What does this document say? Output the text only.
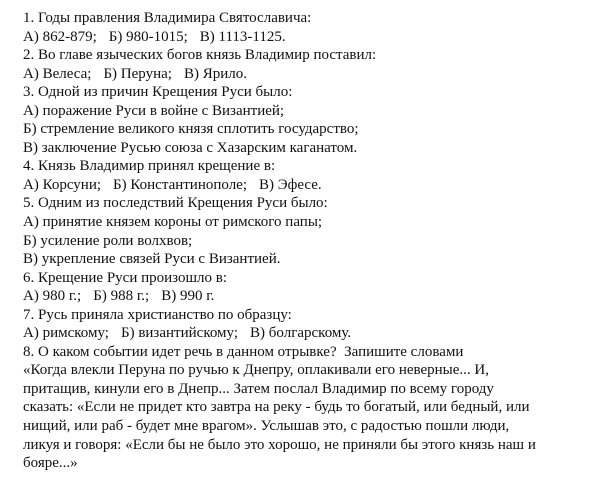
1. Годы правления Владимира Святославича:
А) 862-879; Б) 980-1015; В) 1113-1125.
2. Во главе языческих богов князь Владимир поставил:
А) Велеса; Б) Перуна; В) Ярило.
3. Одной из причин Крещения Руси было:
А) поражение Руси в войне с Византией;
Б) стремление великого князя сплотить государство;
В) заключение Русью союза с Хазарским каганатом.
4. Князь Владимир принял крещение в:
А) Корсуни; Б) Константинополе; В) Эфесе.
5. Одним из последствий Крещения Руси было:
А) принятие князем короны от римского папы;
Б) усиление роли волхвов;
В) укрепление связей Руси с Византией.
6. Крещение Руси произошло в:
А) 980 г.; Б) 988 г.; В) 990 г.
7. Русь приняла христианство по образцу:
А) римскому; Б) византийскому; В) болгарскому.
8. О каком событии идет речь в данном отрывке?  Запишите словами
«Когда влекли Перуна по ручью к Днепру, оплакивали его неверные... И,
притащив, кинули его в Днепр... Затем послал Владимир по всему городу
сказать: «Если не придет кто завтра на реку - будь то богатый, или бедный, или
нищий, или раб - будет мне врагом». Услышав это, с радостью пошли люди,
ликуя и говоря: «Если бы не было это хорошо, не приняли бы этого князь наш и
бояре...»
